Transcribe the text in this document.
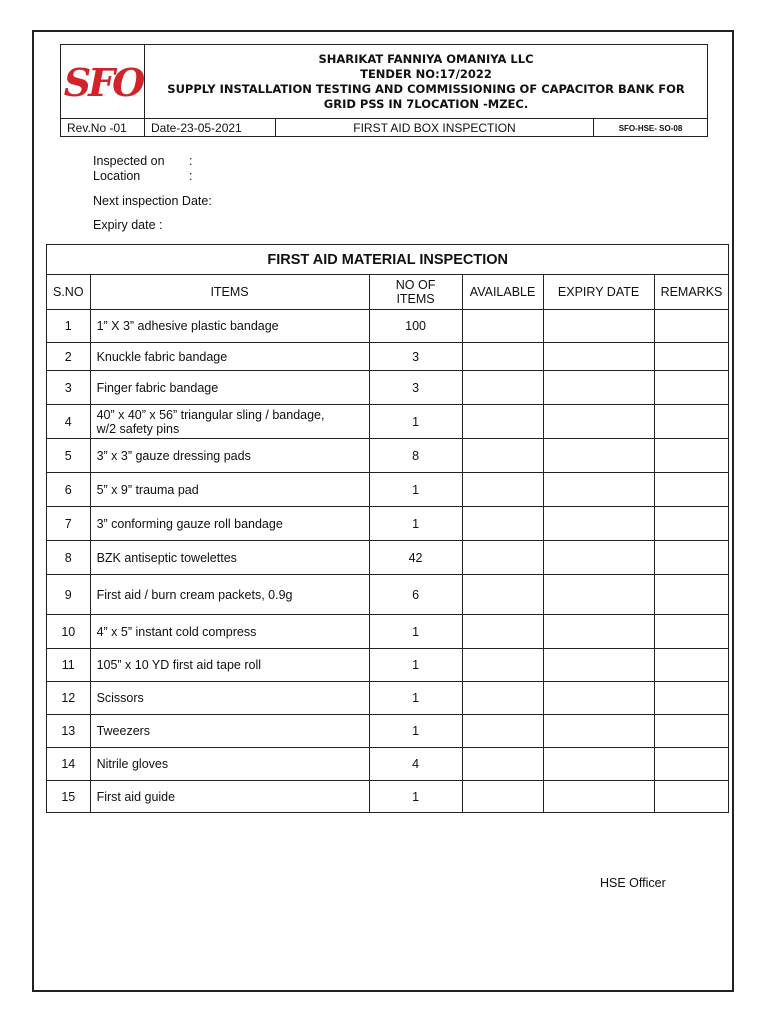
SFO
SHARIKAT FANNIYA OMANIYA LLC
TENDER NO:17/2022
SUPPLY INSTALLATION TESTING AND COMMISSIONING OF CAPACITOR BANK FOR
GRID PSS IN 7LOCATION -MZEC.
Rev.No -01	Date-23-05-2021	FIRST AID BOX INSPECTION	SFO-HSE- SO-08
Inspected on :
Location	:
Next inspection Date:
Expiry date :
FIRST AID MATERIAL INSPECTION					
S.NO	ITEMS	NO OF ITEMS	AVAILABLE	EXPIRY DATE	REMARKS
1	1” X 3” adhesive plastic bandage	100			
2	Knuckle fabric bandage	3			
3	Finger fabric bandage	3			
4	40” x 40” x 56” triangular sling / bandage,
w/2 safety pins	1			
5	3” x 3” gauze dressing pads	8			
6	5” x 9” trauma pad	1			
7	3” conforming gauze roll bandage	1			
8	BZK antiseptic towelettes	42			
9	First aid / burn cream packets, 0.9g	6			
10	4” x 5” instant cold compress	1			
11	105” x 10 YD first aid tape roll	1			
12	Scissors	1			
13	Tweezers	1			
14	Nitrile gloves	4			
15	First aid guide	1			
HSE Officer
